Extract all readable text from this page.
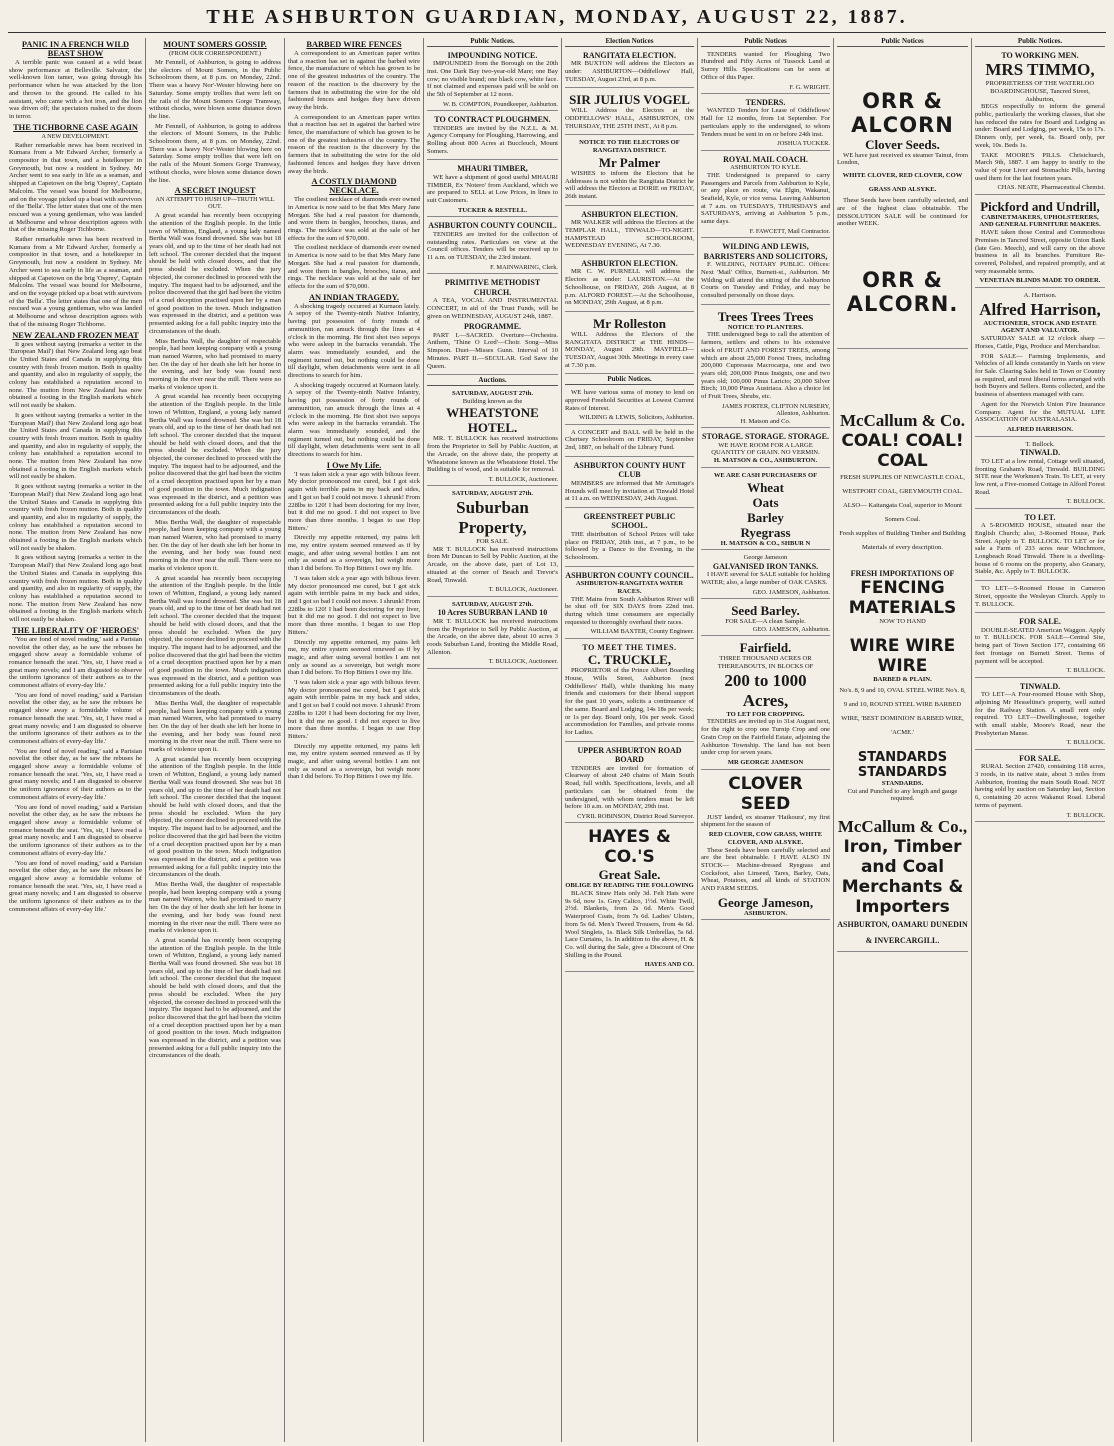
THE ASHBURTON GUARDIAN, MONDAY, AUGUST 22, 1887.
PANIC IN A FRENCH WILD BEAST SHOW

A terrible panic was caused at a wild beast show performance at Belleville. Salvator, the well-known lion tamer, was going through his performance when he was attacked by the lion and thrown to the ground. He called to his assistant, who came with a hot iron, and the lion was driven off; the spectators rushed to the doors in terror.

THE TICHBORNE CASE AGAIN
A NEW DEVELOPMENT.

Rather remarkable news has been received in Kumara from a Mr Edward Archer, formerly a compositor in that town, and a hotelkeeper in Greymouth, but now a resident in Sydney. Mr Archer went to sea early in life as a seaman, and shipped at Capetown on the brig 'Osprey', Captain Malcolm. The vessel was bound for Melbourne, and on the voyage picked up a boat with survivors of the 'Bella'. The letter states that one of the men rescued was a young gentleman, who was landed at Melbourne and whose description agrees with that of the missing Roger Tichborne.

Rather remarkable news has been received in Kumara from a Mr Edward Archer, formerly a compositor in that town, and a hotelkeeper in Greymouth, but now a resident in Sydney. Mr Archer went to sea early in life as a seaman, and shipped at Capetown on the brig 'Osprey', Captain Malcolm. The vessel was bound for Melbourne, and on the voyage picked up a boat with survivors of the 'Bella'. The letter states that one of the men rescued was a young gentleman, who was landed at Melbourne and whose description agrees with that of the missing Roger Tichborne.

NEW ZEALAND FROZEN MEAT

It goes without saying (remarks a writer in the 'European Mail') that New Zealand long ago beat the United States and Canada in supplying this country with fresh frozen mutton. Both in quality and quantity, and also in regularity of supply, the colony has established a reputation second to none. The mutton from New Zealand has now obtained a footing in the English markets which will not easily be shaken.

It goes without saying (remarks a writer in the 'European Mail') that New Zealand long ago beat the United States and Canada in supplying this country with fresh frozen mutton. Both in quality and quantity, and also in regularity of supply, the colony has established a reputation second to none. The mutton from New Zealand has now obtained a footing in the English markets which will not easily be shaken.

It goes without saying (remarks a writer in the 'European Mail') that New Zealand long ago beat the United States and Canada in supplying this country with fresh frozen mutton. Both in quality and quantity, and also in regularity of supply, the colony has established a reputation second to none. The mutton from New Zealand has now obtained a footing in the English markets which will not easily be shaken.

It goes without saying (remarks a writer in the 'European Mail') that New Zealand long ago beat the United States and Canada in supplying this country with fresh frozen mutton. Both in quality and quantity, and also in regularity of supply, the colony has established a reputation second to none. The mutton from New Zealand has now obtained a footing in the English markets which will not easily be shaken.

THE LIBERALITY OF 'HEROES'

'You are fond of novel reading,' said a Parisian novelist the other day, as he saw the rebuses he engaged show away a formidable volume of romance beneath the seat. 'Yes, sir, I have read a great many novels; and I am disgusted to observe the uniform ignorance of their authors as to the commonest affairs of every-day life.'

'You are fond of novel reading,' said a Parisian novelist the other day, as he saw the rebuses he engaged show away a formidable volume of romance beneath the seat. 'Yes, sir, I have read a great many novels; and I am disgusted to observe the uniform ignorance of their authors as to the commonest affairs of every-day life.'

'You are fond of novel reading,' said a Parisian novelist the other day, as he saw the rebuses he engaged show away a formidable volume of romance beneath the seat. 'Yes, sir, I have read a great many novels; and I am disgusted to observe the uniform ignorance of their authors as to the commonest affairs of every-day life.'

'You are fond of novel reading,' said a Parisian novelist the other day, as he saw the rebuses he engaged show away a formidable volume of romance beneath the seat. 'Yes, sir, I have read a great many novels; and I am disgusted to observe the uniform ignorance of their authors as to the commonest affairs of every-day life.'

'You are fond of novel reading,' said a Parisian novelist the other day, as he saw the rebuses he engaged show away a formidable volume of romance beneath the seat. 'Yes, sir, I have read a great many novels; and I am disgusted to observe the uniform ignorance of their authors as to the commonest affairs of every-day life.'

MOUNT SOMERS GOSSIP.
(FROM OUR CORRESPONDENT.)

Mr Fennell, of Ashburton, is going to address the electors of Mount Somers, in the Public Schoolroom there, at 8 p.m. on Monday, 22nd. There was a heavy Nor'-Wester blowing here on Saturday. Some empty trollies that were left on the rails of the Mount Somers Gorge Tramway, without chocks, were blown some distance down the line.

Mr Fennell, of Ashburton, is going to address the electors of Mount Somers, in the Public Schoolroom there, at 8 p.m. on Monday, 22nd. There was a heavy Nor'-Wester blowing here on Saturday. Some empty trollies that were left on the rails of the Mount Somers Gorge Tramway, without chocks, were blown some distance down the line.

A SECRET INQUEST
AN ATTEMPT TO HUSH UP—TRUTH WILL OUT.

A great scandal has recently been occupying the attention of the English people. In the little town of Whitton, England, a young lady named Bertha Wall was found drowned. She was but 18 years old, and up to the time of her death had not left school. The coroner decided that the inquest should be held with closed doors, and that the press should be excluded. When the jury objected, the coroner declined to proceed with the inquiry. The inquest had to be adjourned, and the police discovered that the girl had been the victim of a cruel deception practised upon her by a man of good position in the town. Much indignation was expressed in the district, and a petition was presented asking for a full public inquiry into the circumstances of the death.

Miss Bertha Wall, the daughter of respectable people, had been keeping company with a young man named Warren, who had promised to marry her. On the day of her death she left her home in the evening, and her body was found next morning in the river near the mill. There were no marks of violence upon it.

A great scandal has recently been occupying the attention of the English people. In the little town of Whitton, England, a young lady named Bertha Wall was found drowned. She was but 18 years old, and up to the time of her death had not left school. The coroner decided that the inquest should be held with closed doors, and that the press should be excluded. When the jury objected, the coroner declined to proceed with the inquiry. The inquest had to be adjourned, and the police discovered that the girl had been the victim of a cruel deception practised upon her by a man of good position in the town. Much indignation was expressed in the district, and a petition was presented asking for a full public inquiry into the circumstances of the death.

Miss Bertha Wall, the daughter of respectable people, had been keeping company with a young man named Warren, who had promised to marry her. On the day of her death she left her home in the evening, and her body was found next morning in the river near the mill. There were no marks of violence upon it.

A great scandal has recently been occupying the attention of the English people. In the little town of Whitton, England, a young lady named Bertha Wall was found drowned. She was but 18 years old, and up to the time of her death had not left school. The coroner decided that the inquest should be held with closed doors, and that the press should be excluded. When the jury objected, the coroner declined to proceed with the inquiry. The inquest had to be adjourned, and the police discovered that the girl had been the victim of a cruel deception practised upon her by a man of good position in the town. Much indignation was expressed in the district, and a petition was presented asking for a full public inquiry into the circumstances of the death.

Miss Bertha Wall, the daughter of respectable people, had been keeping company with a young man named Warren, who had promised to marry her. On the day of her death she left her home in the evening, and her body was found next morning in the river near the mill. There were no marks of violence upon it.

A great scandal has recently been occupying the attention of the English people. In the little town of Whitton, England, a young lady named Bertha Wall was found drowned. She was but 18 years old, and up to the time of her death had not left school. The coroner decided that the inquest should be held with closed doors, and that the press should be excluded. When the jury objected, the coroner declined to proceed with the inquiry. The inquest had to be adjourned, and the police discovered that the girl had been the victim of a cruel deception practised upon her by a man of good position in the town. Much indignation was expressed in the district, and a petition was presented asking for a full public inquiry into the circumstances of the death.

Miss Bertha Wall, the daughter of respectable people, had been keeping company with a young man named Warren, who had promised to marry her. On the day of her death she left her home in the evening, and her body was found next morning in the river near the mill. There were no marks of violence upon it.

A great scandal has recently been occupying the attention of the English people. In the little town of Whitton, England, a young lady named Bertha Wall was found drowned. She was but 18 years old, and up to the time of her death had not left school. The coroner decided that the inquest should be held with closed doors, and that the press should be excluded. When the jury objected, the coroner declined to proceed with the inquiry. The inquest had to be adjourned, and the police discovered that the girl had been the victim of a cruel deception practised upon her by a man of good position in the town. Much indignation was expressed in the district, and a petition was presented asking for a full public inquiry into the circumstances of the death.

BARBED WIRE FENCES

A correspondent to an American paper writes that a reaction has set in against the barbed wire fence, the manufacture of which has grown to be one of the greatest industries of the country. The reason of the reaction is the discovery by the farmers that in substituting the wire for the old fashioned fences and hedges they have driven away the birds.

A correspondent to an American paper writes that a reaction has set in against the barbed wire fence, the manufacture of which has grown to be one of the greatest industries of the country. The reason of the reaction is the discovery by the farmers that in substituting the wire for the old fashioned fences and hedges they have driven away the birds.

A COSTLY DIAMOND NECKLACE.

The costliest necklace of diamonds ever owned in America is now said to be that Mrs Mary Jane Morgan. She had a real passion for diamonds, and wore them in bangles, brooches, tiaras, and rings. The necklace was sold at the sale of her effects for the sum of $70,000.

The costliest necklace of diamonds ever owned in America is now said to be that Mrs Mary Jane Morgan. She had a real passion for diamonds, and wore them in bangles, brooches, tiaras, and rings. The necklace was sold at the sale of her effects for the sum of $70,000.

AN INDIAN TRAGEDY.

A shocking tragedy occurred at Kurnaon lately. A sepoy of the Twenty-ninth Native Infantry, having put possession of forty rounds of ammunition, ran amuck through the lines at 4 o'clock in the morning. He first shot two sepoys who were asleep in the barracks verandah. The alarm was immediately sounded, and the regiment turned out, but nothing could be done till daylight, when detachments were sent in all directions to search for him.

A shocking tragedy occurred at Kurnaon lately. A sepoy of the Twenty-ninth Native Infantry, having put possession of forty rounds of ammunition, ran amuck through the lines at 4 o'clock in the morning. He first shot two sepoys who were asleep in the barracks verandah. The alarm was immediately sounded, and the regiment turned out, but nothing could be done till daylight, when detachments were sent in all directions to search for him.

I Owe My Life.

'I was taken sick a year ago with bilious fever. My doctor pronounced me cured, but I got sick again with terrible pains in my back and sides, and I got so bad I could not move. I shrunk! From 228lbs to 120! I had been doctoring for my liver, but it did me no good. I did not expect to live more than three months. I began to use Hop Bitters.'

Directly my appetite returned, my pains left me, my entire system seemed renewed as if by magic, and after using several bottles I am not only as sound as a sovereign, but weigh more than I did before. To Hop Bitters I owe my life.

'I was taken sick a year ago with bilious fever. My doctor pronounced me cured, but I got sick again with terrible pains in my back and sides, and I got so bad I could not move. I shrunk! From 228lbs to 120! I had been doctoring for my liver, but it did me no good. I did not expect to live more than three months. I began to use Hop Bitters.'

Directly my appetite returned, my pains left me, my entire system seemed renewed as if by magic, and after using several bottles I am not only as sound as a sovereign, but weigh more than I did before. To Hop Bitters I owe my life.

'I was taken sick a year ago with bilious fever. My doctor pronounced me cured, but I got sick again with terrible pains in my back and sides, and I got so bad I could not move. I shrunk! From 228lbs to 120! I had been doctoring for my liver, but it did me no good. I did not expect to live more than three months. I began to use Hop Bitters.'

Directly my appetite returned, my pains left me, my entire system seemed renewed as if by magic, and after using several bottles I am not only as sound as a sovereign, but weigh more than I did before. To Hop Bitters I owe my life.

Public Notices.
IMPOUNDING NOTICE.

IMPOUNDED from the Borough on the 20th inst. One Dark Bay two-year-old Mare; one Bay cow; no visible brand; one black cow, white face. If not claimed and expenses paid will be sold on the 5th of September at 12 noon.

W. B. COMPTON, Poundkeeper, Ashburton.
TO CONTRACT PLOUGHMEN.

TENDERS are invited by the N.Z.L. & M. Agency Company for Ploughing, Harrowing, and Rolling about 800 Acres at Buccleuch, Mount Somers.

MHAURI TIMBER,

WE have a shipment of good useful MHAURI TIMBER, Ex 'Notero' from Auckland, which we are prepared to SELL at Low Prices, in lines to suit Customers.

TUCKER & RESTELL.
ASHBURTON COUNTY COUNCIL.

TENDERS are invited for the collection of outstanding rates. Particulars on view at the Council offices. Tenders will be received up to 11 a.m. on TUESDAY, the 23rd instant.

F. MAINWARING, Clerk.
PRIMITIVE METHODIST CHURCH.

A TEA, VOCAL AND INSTRUMENTAL CONCERT, in aid of the Trust Funds, will be given on WEDNESDAY, AUGUST 24th, 1887.

PROGRAMME.

PART I.—SACRED. Overture—Orchestra. Anthem, 'Thine O Lord'—Choir. Song—Miss Simpson. Duet—Misses Gunn. Interval of 10 Minutes. PART II.—SECULAR. God Save the Queen.

Auctions.
SATURDAY, AUGUST 27th.
Building known as the
WHEATSTONE HOTEL.

MR. T. BULLOCK has received instructions from the Proprietor to Sell by Public Auction, at the Arcade, on the above date, the property at Wheatstone known as the Wheatstone Hotel. The Building is of wood, and is suitable for removal.

T. BULLOCK, Auctioneer.
SATURDAY, AUGUST 27th.
Suburban Property,
FOR SALE.

MR T. BULLOCK has received instructions from Mr Duncan to Sell by Public Auction, at the Arcade, on the above date, part of Lot 13, situated at the corner of Beach and Trevor's Road, Tinwald.

T. BULLOCK, Auctioneer.
SATURDAY, AUGUST 27th.
10 Acres SUBURBAN LAND 10

MR T. BULLOCK has received instructions from the Proprietor to Sell by Public Auction, at the Arcade, on the above date, about 10 acres 3 roods Suburban Land, fronting the Middle Road, Allenton.

T. BULLOCK, Auctioneer.
Election Notices
RANGITATA ELECTION.

MR BUXTON will address the Electors as under: ASHBURTON—Oddfellows' Hall, TUESDAY, August 23rd, at 8 p.m.

SIR JULIUS VOGEL

WILL Address the Electors at the ODDFELLOWS' HALL, ASHBURTON, ON THURSDAY, THE 25TH INST., At 8 p.m.

NOTICE TO THE ELECTORS OF RANGITATA DISTRICT.
Mr Palmer

WISHES to inform the Electors that he Addresses is not within the Rangitata District he will address the Electors at DORIE on FRIDAY, 26th instant.

ASHBURTON ELECTION.

MR WALKER will address the Electors at the TEMPLAR HALL, TINWALD—TO-NIGHT. HAMPSTEAD SCHOOLROOM, WEDNESDAY EVENING, At 7.30.

ASHBURTON ELECTION.

MR C. W. PURNELL will address the Electors as under: LAURISTON.—At the Schoolhouse, on FRIDAY, 26th August, at 8 p.m. ALFORD FOREST.—At the Schoolhouse, on MONDAY, 29th August, at 8 p.m.

Mr Rolleston

WILL Address the Electors of the RANGITATA DISTRICT at THE HINDS—MONDAY, August 29th. MAYFIELD—TUESDAY, August 30th. Meetings in every case at 7.30 p.m.

Public Notices.

WE have various sums of money to lend on approved Freehold Securities at Lowest Current Rates of Interest.

WILDING & LEWIS, Solicitors, Ashburton.

A CONCERT and BALL will be held in the Chertsey Schoolroom on FRIDAY, September 2nd, 1887, on behalf of the Library Fund.

ASHBURTON COUNTY HUNT CLUB

MEMBERS are informed that Mr Armitage's Hounds will meet by invitation at Tinwald Hotel at 11 a.m. on WEDNESDAY, 24th August.

GREENSTREET PUBLIC SCHOOL.

THE distribution of School Prizes will take place on FRIDAY, 26th inst., at 7 p.m., to be followed by a Dance to the Evening, in the Schoolroom.

ASHBURTON COUNTY COUNCIL.
ASHBURTON-RANGITATA WATER RACES.

THE Mains from South Ashburton River will be shut off for SIX DAYS from 22nd inst. during which time consumers are especially requested to thoroughly overhaul their races.

WILLIAM BAXTER, County Engineer.
TO MEET THE TIMES.
C. TRUCKLE,

PROPRIETOR of the Prince Albert Boarding House, Wills Street, Ashburton (next Oddfellows' Hall), while thanking his many friends and customers for their liberal support for the past 10 years, solicits a continuance of the same. Board and Lodging, 14s 18s per week; or 1s per day. Board only, 10s per week. Good accommodation for Families, and private rooms for Ladies.

UPPER ASHBURTON ROAD BOARD

TENDERS are invited for formation of Clearway of about 240 chains of Main South Road, full width. Specifications, levels, and all particulars can be obtained from the undersigned, with whom tenders must be left before 10 a.m. on MONDAY, 29th inst.

CYRIL ROBINSON, District Road Surveyor.
HAYES & CO.'S
Great Sale.
OBLIGE BY READING THE FOLLOWING

BLACK Straw Hats only 3d. Felt Hats were 9s 6d, now 1s. Grey Calico, 1½d. White Twill, 2½d. Blankets, from 2s 6d. Men's Good Waterproof Coats, from 7s 6d. Ladies' Ulsters, from 5s 6d. Men's Tweed Trousers, from 4s 6d. Wool Singlets, 1s. Black Silk Umbrellas, 5s 6d. Lace Curtains, 1s. In addition to the above, H. & Co. will during the Sale, give a Discount of One Shilling in the Pound.

HAYES AND CO.
Public Notices

TENDERS wanted for Ploughing Two Hundred and Fifty Acres of Tussock Land at Surrey Hills. Specifications can be seen at Office of this Paper.

F. G. WRIGHT.
TENDERS.

WANTED Tenders for Lease of Oddfellows' Hall for 12 months, from 1st September. For particulars apply to the undersigned, to whom Tenders must be sent in on or before 24th inst.

JOSHUA TUCKER.
ROYAL MAIL COACH.
ASHBURTON TO KYLE.

THE Undersigned is prepared to carry Passengers and Parcels from Ashburton to Kyle, or any place en route, via Elgin, Wakanui, Seafield, Kyle, or vice versa. Leaving Ashburton at 7 a.m. on TUESDAYS, THURSDAYS and SATURDAYS, arriving at Ashburton 5 p.m., same days.

F. FAWCETT, Mail Contractor.
WILDING AND LEWIS,
BARRISTERS AND SOLICITORS,

F. WILDING, NOTARY PUBLIC. Offices: Next 'Mail' Office, Burnett-st., Ashburton. Mr Wilding will attend the sitting of the Ashburton Courts on Tuesday and Friday, and may be consulted personally on those days.

Trees Trees Trees
NOTICE TO PLANTERS.

THE undersigned begs to call the attention of farmers, settlers and others to his extensive stock of FRUIT AND FOREST TREES, among which are about 25,000 Forest Trees, including 200,000 Cupressus Macrocarpa, one and two years old; 200,000 Pinus Insignis, one and two years old; 100,000 Pinus Laricio; 20,000 Silver Birch; 10,000 Pinus Austriaca. Also a choice lot of Fruit Trees, Shrubs, etc.

JAMES FORTER, CLIFTON NURSERY, Allenton, Ashburton.
H. Matson and Co.
STORAGE. STORAGE. STORAGE.
WE HAVE ROOM FOR A LARGE QUANTITY OF GRAIN. NO VERMIN.
H. MATSON & CO., ASHBURTON.
WE ARE CASH PURCHASERS OF
Wheat
Oats
Barley
Ryegrass
H. MATSON & CO., SHBUR N
George Jameson
GALVANISED IRON TANKS.

I HAVE several for SALE suitable for holding WATER; also, a large number of OAK CASKS.

GEO. JAMESON, Ashburton.
Seed Barley.
FOR SALE—A clean Sample.
GEO. JAMESON, Ashburton.
Fairfield.
THREE THOUSAND ACRES OR THEREABOUTS, IN BLOCKS OF
200 to 1000 Acres,
TO LET FOR CROPPING.

TENDERS are invited up to 31st August next, for the right to crop one Turnip Crop and one Grain Crop on the Fairfield Estate, adjoining the Ashburton Township. The land has not been under crop for seven years.

MR GEORGE JAMESON
CLOVER SEED

JUST landed, ex steamer 'Haikoura', my first shipment for the season of

RED CLOVER, COW GRASS, WHITE CLOVER, AND ALSYKE.

These Seeds have been carefully selected and are the best obtainable. I HAVE ALSO IN STOCK— Machine-dressed Ryegrass and Cocksfoot, also Linseed, Tares, Barley, Oats, Wheat, Potatoes, and all kinds of STATION AND FARM SEEDS.

George Jameson,
ASHBURTON.
Public Notices
ORR & ALCORN
Clover Seeds.

WE have just received ex steamer Tainui, from London,

WHITE CLOVER, RED CLOVER, COW GRASS AND ALSYKE.

These Seeds have been carefully selected, and are of the highest class obtainable. The DISSOLUTION SALE will be continued for another WEEK.

ORR & ALCORN.
McCallum & Co.
COAL! COAL! COAL
FRESH SUPPLIES OF NEWCASTLE COAL, WESTPORT COAL, GREYMOUTH COAL. ALSO— Kaitangata Coal, superior to Mount Somers Coal.
Fresh supplies of Building Timber and Building Materials of every description.
FRESH IMPORTATIONS OF
FENCING MATERIALS
NOW TO HAND
WIRE WIRE WIRE
BARBED & PLAIN.
No's. 8, 9 and 10, OVAL STEEL WIRE No's. 8, 9 and 10, ROUND STEEL WIRE BARBED WIRE, 'BEST DOMINION' BARBED WIRE, 'ACME.'
STANDARDS STANDARDS
STANDARDS.
Cut and Punched to any length and gauge required.
McCallum & Co.,
Iron, Timber and Coal
Merchants & Importers
ASHBURTON, OAMARU DUNEDIN & INVERCARGILL.
Public Notices.
TO WORKING MEN.
MRS TIMMO,
PROPRIETRESS OF THE WATERLOO BOARDINGHOUSE, Tancred Street, Ashburton,

BEGS respectfully to inform the general public, particularly the working classes, that she has reduced the rates for Board and Lodging as under: Board and Lodging, per week, 15s to 17s. Dinners only, per week, 6s. Board only, per week, 10s. Beds 1s.

TAKE MOORE'S PILLS. Christchurch, March 9th, 1887. I am happy to testify to the value of your Liver and Stomachic Pills, having used them for the last fourteen years.

CHAS. NEATE, Pharmaceutical Chemist.
Pickford and Undrill,
CABINETMAKERS, UPHOLSTERERS, AND GENERAL FURNITURE MAKERS.

HAVE taken those Central and Commodious Premises in Tancred Street, opposite Union Bank (late Geo. Meech), and will carry on the above business in all its branches. Furniture Re-covered, Polished, and repaired promptly, and at very reasonable terms.

VENETIAN BLINDS MADE TO ORDER.
A. Harrison.
Alfred Harrison,
AUCTIONEER, STOCK AND ESTATE AGENT AND VALUATOR.

SATURDAY SALE at 12 o'clock sharp —Horses, Cattle, Pigs, Produce and Merchandise.

FOR SALE— Farming Implements, and Vehicles of all kinds constantly in Yards on view for Sale. Clearing Sales held in Town or Country as required, and most liberal terms arranged with both Buyers and Sellers. Rents collected, and the business of absentees managed with care.

Agent for the Norwich Union Fire Insurance Company. Agent for the MUTUAL LIFE ASSOCIATION OF AUSTRALASIA.

ALFRED HARRISON.
T. Bullock.
TINWALD.

TO LET at a low rental, Cottage well situated, fronting Graham's Road, Tinwald. BUILDING SITE near the Workmen's Train. To LET, at very low rent, a Five-roomed Cottage in Alford Forest Road.

T. BULLOCK.
TO LET.

A 5-ROOMED HOUSE, situated near the English Church; also, 3-Roomed House, Park Street. Apply to T. BULLOCK. TO LET or for sale a Farm of 233 acres near Winchmore, Longbeach Road Tinwald. There is a dwelling-house of 6 rooms on the property, also Granary, Stable, &c. Apply to T. BULLOCK.

TO LET—5-Roomed House in Cameron Street, opposite the Wesleyan Church. Apply to T. BULLOCK.

FOR SALE.

DOUBLE-SEATED American Waggon. Apply to T. BULLOCK. FOR SALE—Central Site, being part of Town Section 177, containing 66 feet frontage on Burnett Street. Terms of payment will be accepted.

T. BULLOCK.
TINWALD.

TO LET—A Four-roomed House with Shop, adjoining Mr Hesseltine's property, well suited for the Railway Station. A small rent only required. TO LET—Dwellinghouse, together with small stable, Moore's Road, near the Presbyterian Manse.

T. BULLOCK.
FOR SALE.

RURAL Section 27420, containing 118 acres, 3 roods, in its native state, about 3 miles from Ashburton, fronting the main South Road. NOT having sold by auction on Saturday last, Section 6, containing 20 acres Wakanui Road. Liberal terms of payment.

T. BULLOCK.
